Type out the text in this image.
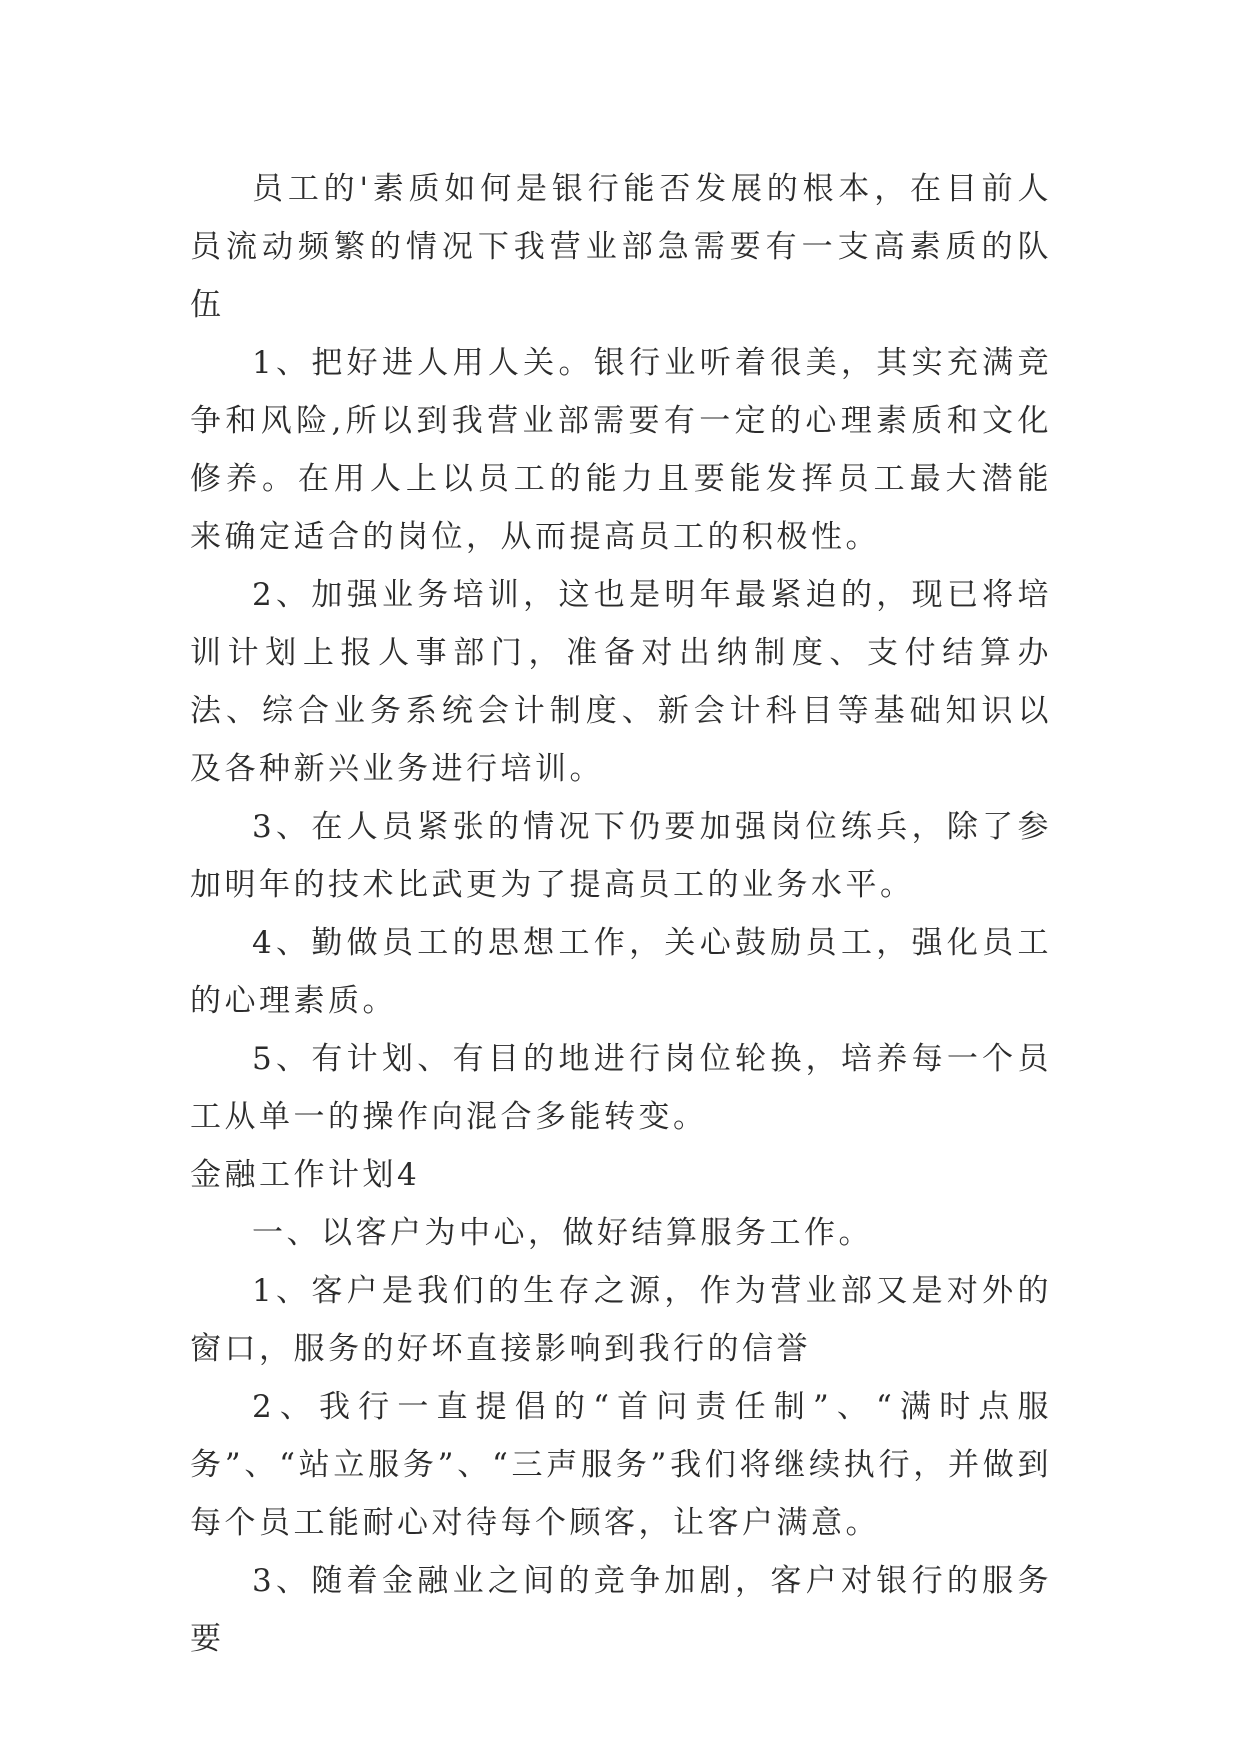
员工的'素质如何是银行能否发展的根本，在目前人员流动频繁的情况下我营业部急需要有一支高素质的队伍

1、把好进人用人关。银行业听着很美，其实充满竞争和风险,所以到我营业部需要有一定的心理素质和文化修养。在用人上以员工的能力且要能发挥员工最大潜能来确定适合的岗位，从而提高员工的积极性。

2、加强业务培训，这也是明年最紧迫的，现已将培训计划上报人事部门，准备对出纳制度、支付结算办法、综合业务系统会计制度、新会计科目等基础知识以及各种新兴业务进行培训。

3、在人员紧张的情况下仍要加强岗位练兵，除了参加明年的技术比武更为了提高员工的业务水平。

4、勤做员工的思想工作，关心鼓励员工，强化员工的心理素质。

5、有计划、有目的地进行岗位轮换，培养每一个员工从单一的操作向混合多能转变。

金融工作计划4

一、以客户为中心，做好结算服务工作。

1、客户是我们的生存之源，作为营业部又是对外的窗口，服务的好坏直接影响到我行的信誉

2、我行一直提倡的“首问责任制”、“满时点服务”、“站立服务”、“三声服务”我们将继续执行，并做到每个员工能耐心对待每个顾客，让客户满意。

3、随着金融业之间的竞争加剧，客户对银行的服务要
